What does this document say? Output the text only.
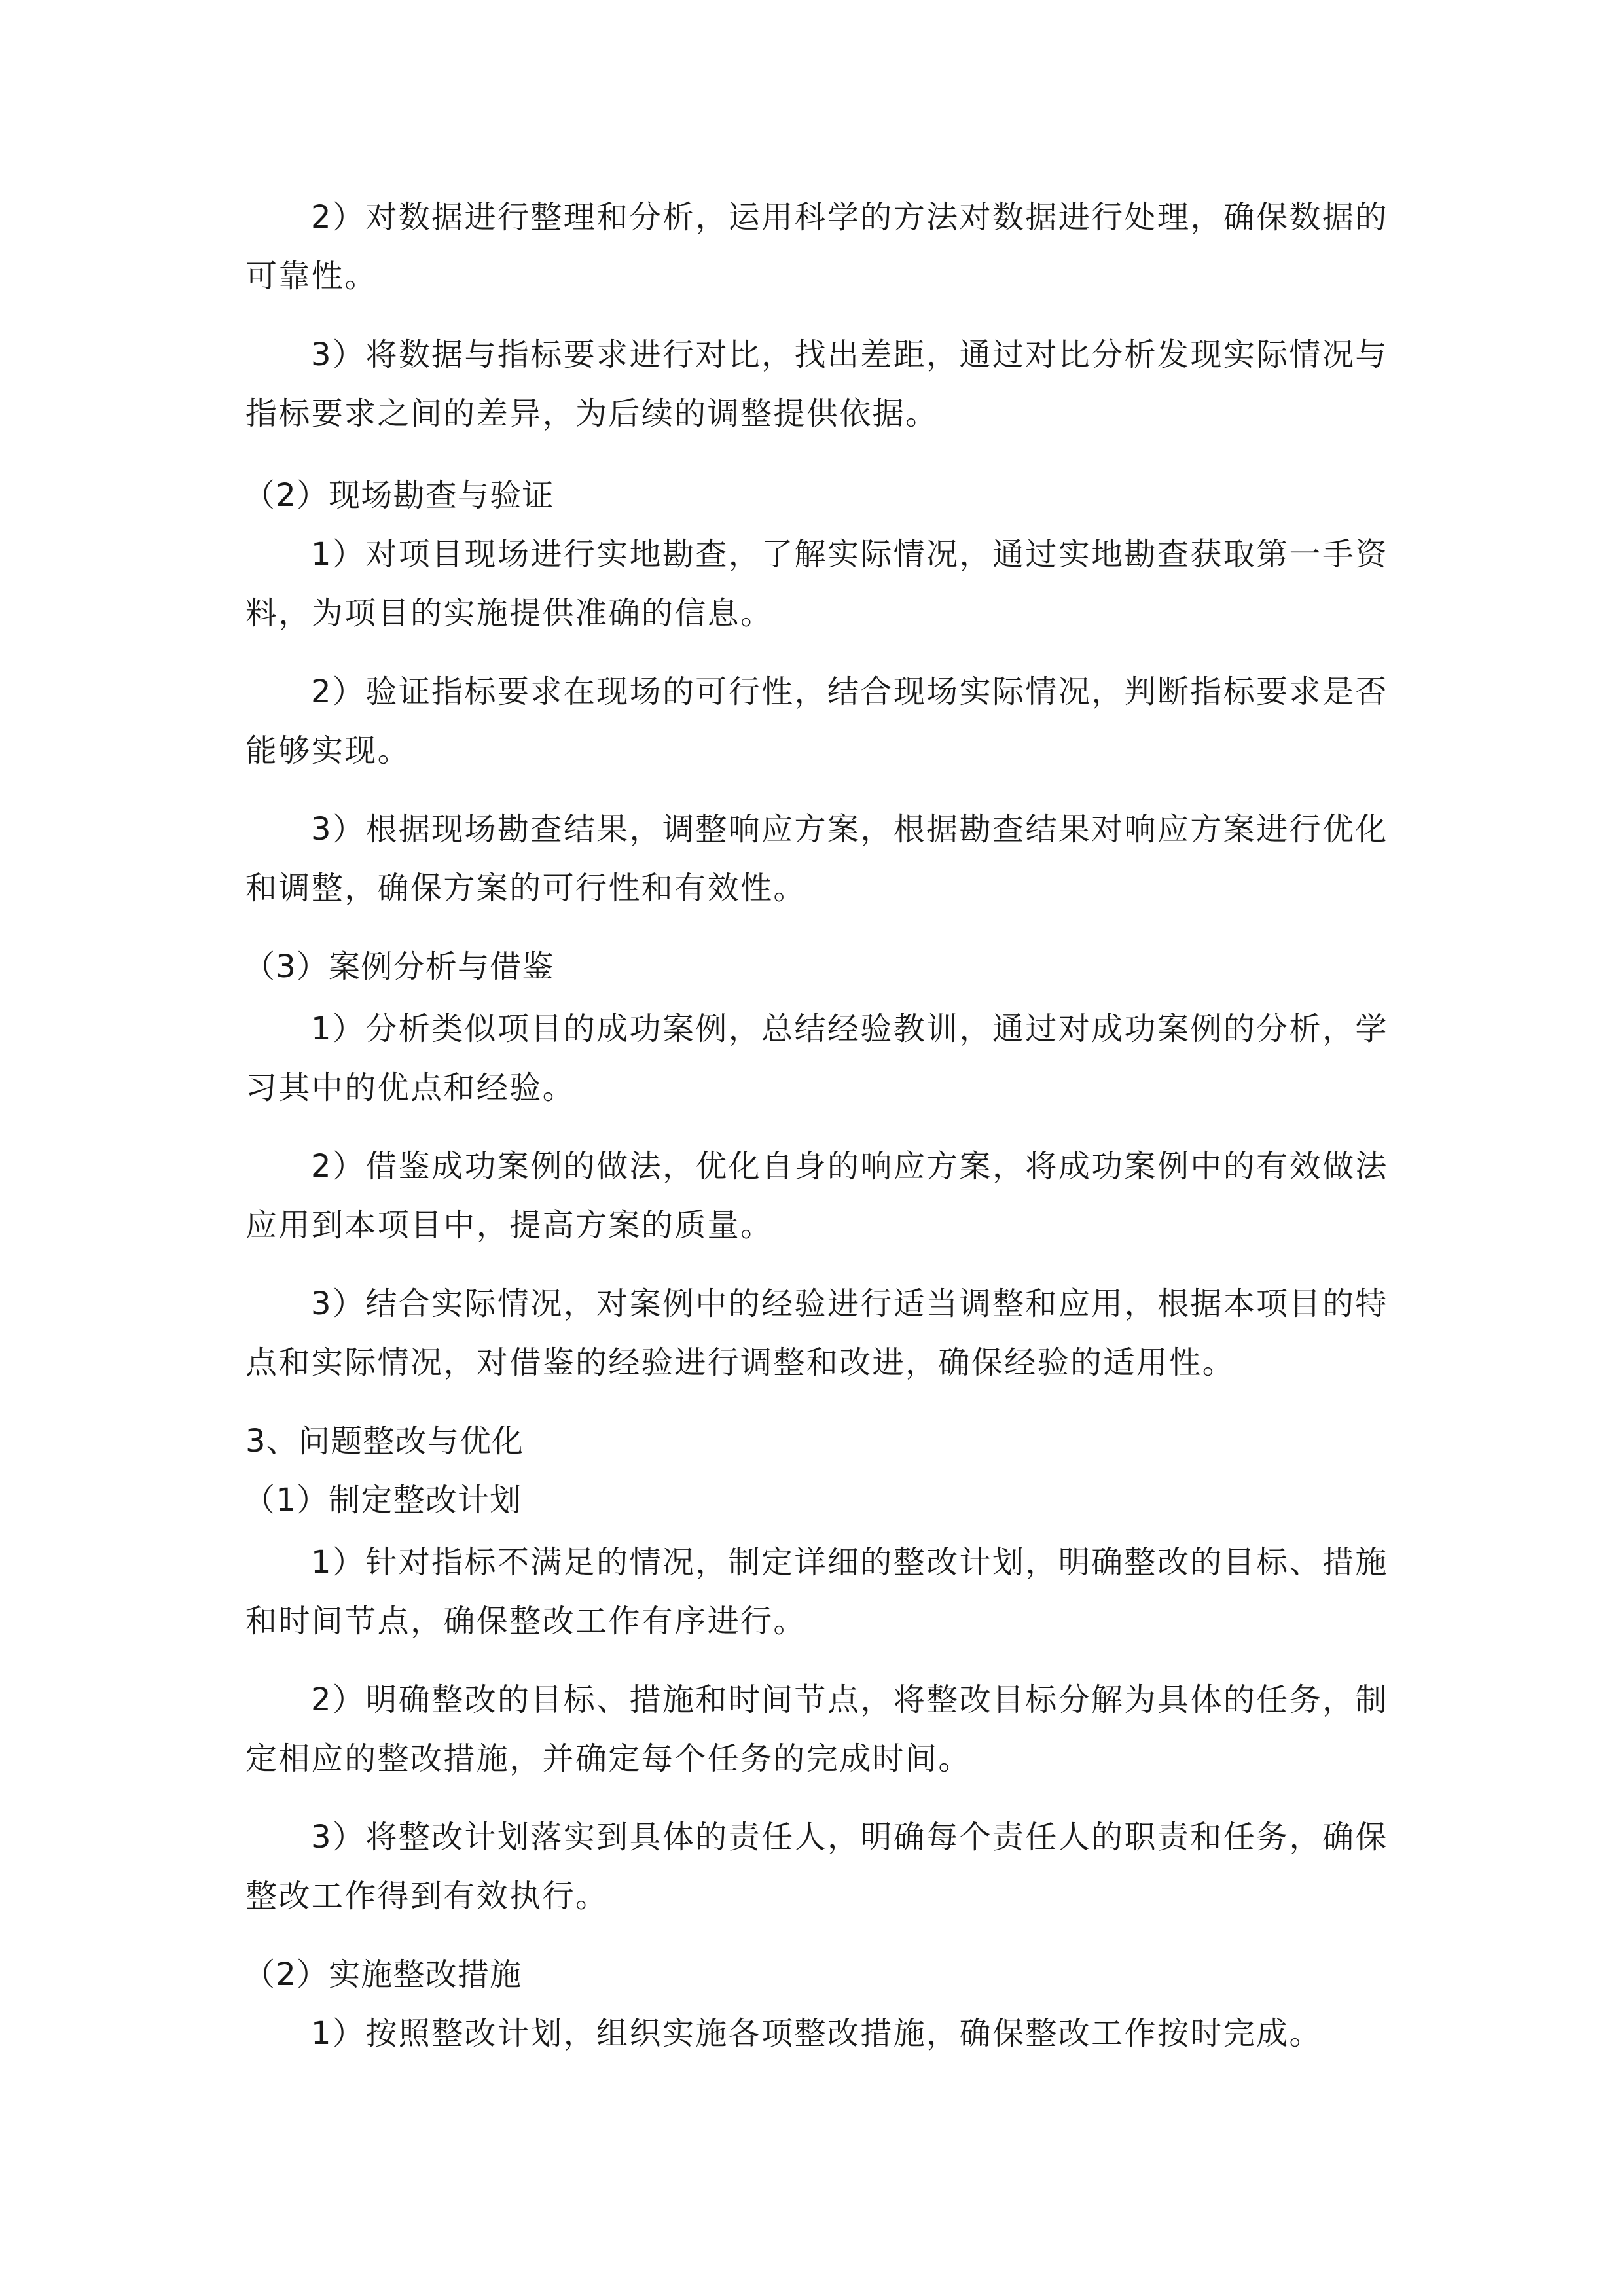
2）对数据进行整理和分析，运用科学的方法对数据进行处理，确保数据的

可靠性。

3）将数据与指标要求进行对比，找出差距，通过对比分析发现实际情况与

指标要求之间的差异，为后续的调整提供依据。

（2）现场勘查与验证

1）对项目现场进行实地勘查，了解实际情况，通过实地勘查获取第一手资

料，为项目的实施提供准确的信息。

2）验证指标要求在现场的可行性，结合现场实际情况，判断指标要求是否

能够实现。

3）根据现场勘查结果，调整响应方案，根据勘查结果对响应方案进行优化

和调整，确保方案的可行性和有效性。

（3）案例分析与借鉴

1）分析类似项目的成功案例，总结经验教训，通过对成功案例的分析，学

习其中的优点和经验。

2）借鉴成功案例的做法，优化自身的响应方案，将成功案例中的有效做法

应用到本项目中，提高方案的质量。

3）结合实际情况，对案例中的经验进行适当调整和应用，根据本项目的特

点和实际情况，对借鉴的经验进行调整和改进，确保经验的适用性。

3、问题整改与优化

（1）制定整改计划

1）针对指标不满足的情况，制定详细的整改计划，明确整改的目标、措施

和时间节点，确保整改工作有序进行。

2）明确整改的目标、措施和时间节点，将整改目标分解为具体的任务，制

定相应的整改措施，并确定每个任务的完成时间。

3）将整改计划落实到具体的责任人，明确每个责任人的职责和任务，确保

整改工作得到有效执行。

（2）实施整改措施

1）按照整改计划，组织实施各项整改措施，确保整改工作按时完成。
